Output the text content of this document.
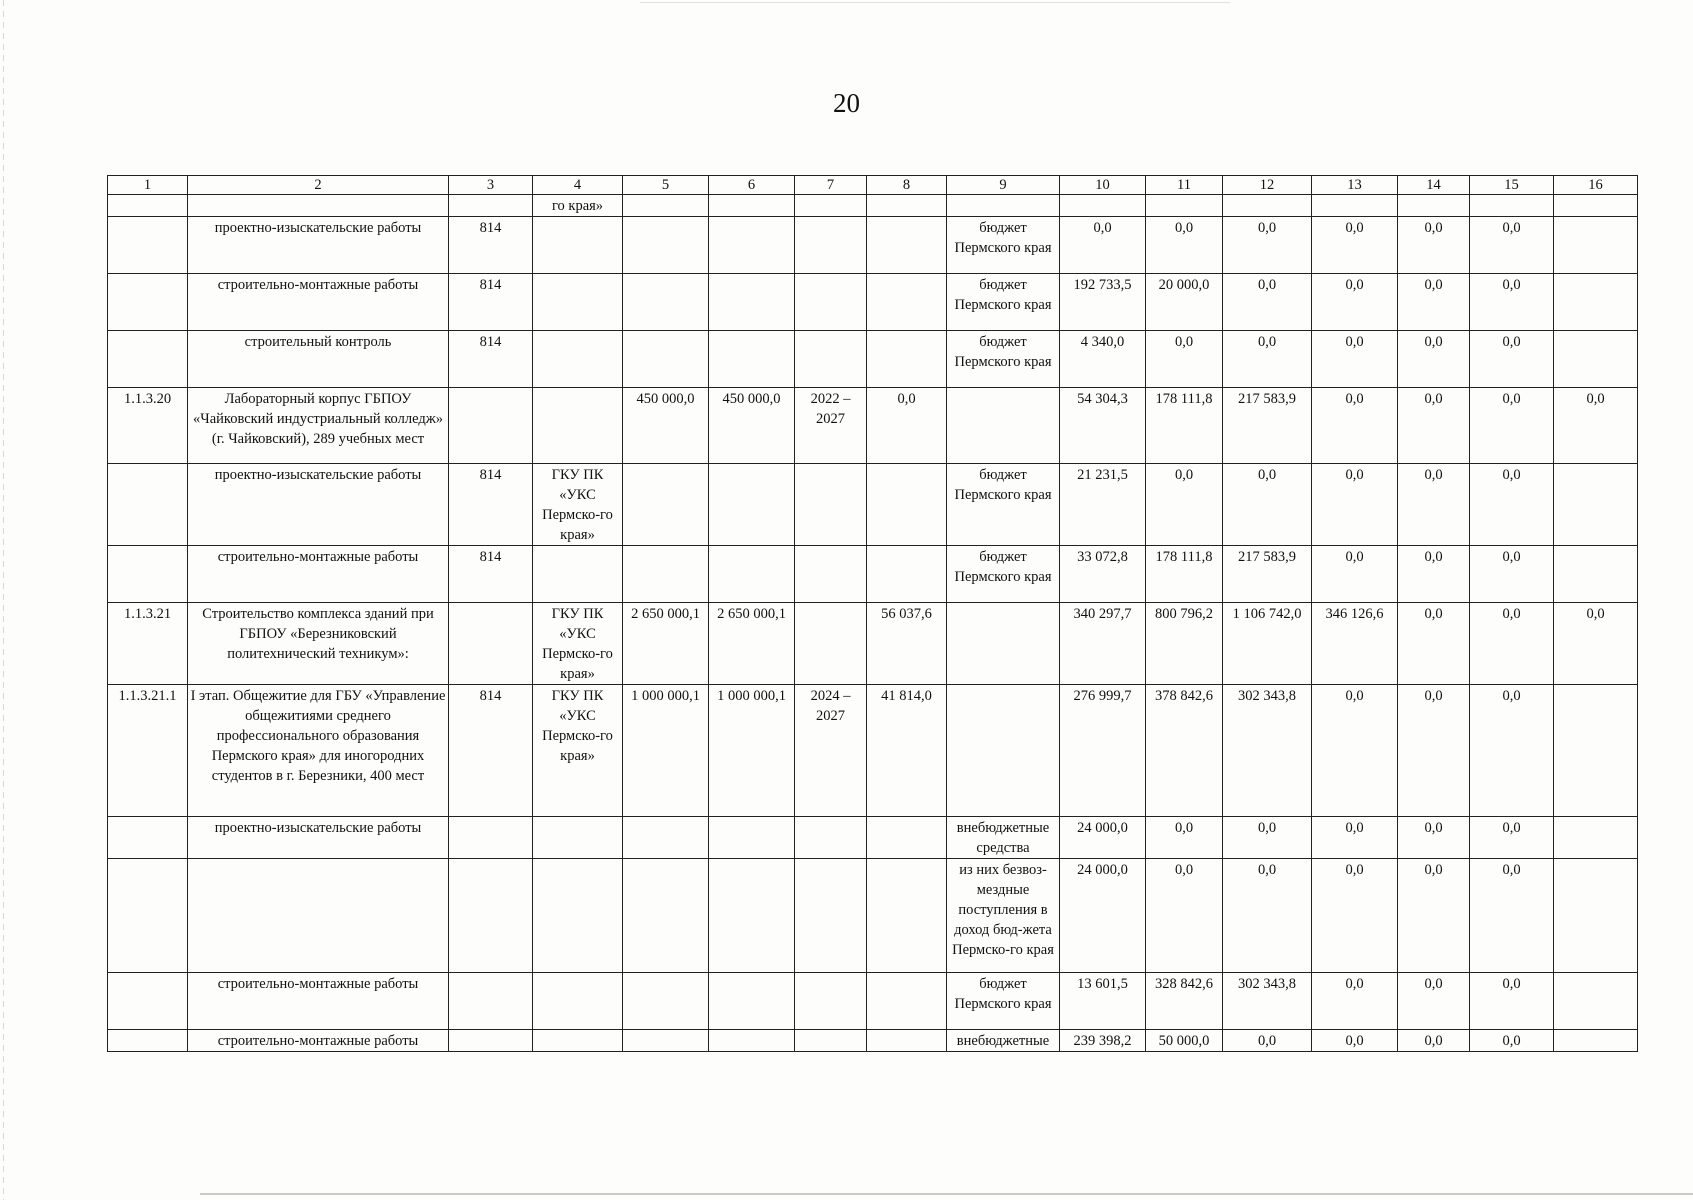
20
1	2	3	4	5	6	7	8	9	10	11	12	13	14	15	16
			го края»												
	проектно-изыскательские работы	814						бюджет Пермского края	0,0	0,0	0,0	0,0	0,0	0,0	
	строительно-монтажные работы	814						бюджет Пермского края	192 733,5	20 000,0	0,0	0,0	0,0	0,0	
	строительный контроль	814						бюджет Пермского края	4 340,0	0,0	0,0	0,0	0,0	0,0	
1.1.3.20	Лабораторный корпус ГБПОУ «Чайковский индустриальный колледж» (г. Чайковский), 289 учебных мест			450 000,0	450 000,0	2022 – 2027	0,0		54 304,3	178 111,8	217 583,9	0,0	0,0	0,0	0,0
	проектно-изыскательские работы	814	ГКУ ПК «УКС Пермско-го края»					бюджет Пермского края	21 231,5	0,0	0,0	0,0	0,0	0,0	
	строительно-монтажные работы	814						бюджет Пермского края	33 072,8	178 111,8	217 583,9	0,0	0,0	0,0	
1.1.3.21	Строительство комплекса зданий при ГБПОУ «Березниковский политехнический техникум»:		ГКУ ПК «УКС Пермско-го края»	2 650 000,1	2 650 000,1		56 037,6		340 297,7	800 796,2	1 106 742,0	346 126,6	0,0	0,0	0,0
1.1.3.21.1	I этап. Общежитие для ГБУ «Управление общежитиями среднего профессионального образования Пермского края» для иногородних студентов в г. Березники, 400 мест	814	ГКУ ПК «УКС Пермско-го края»	1 000 000,1	1 000 000,1	2024 – 2027	41 814,0		276 999,7	378 842,6	302 343,8	0,0	0,0	0,0	
	проектно-изыскательские работы							внебюджетные средства	24 000,0	0,0	0,0	0,0	0,0	0,0	
								из них безвоз-мездные поступления в доход бюд-жета Пермско-го края	24 000,0	0,0	0,0	0,0	0,0	0,0	
	строительно-монтажные работы							бюджет Пермского края	13 601,5	328 842,6	302 343,8	0,0	0,0	0,0	
	строительно-монтажные работы							внебюджетные	239 398,2	50 000,0	0,0	0,0	0,0	0,0	
